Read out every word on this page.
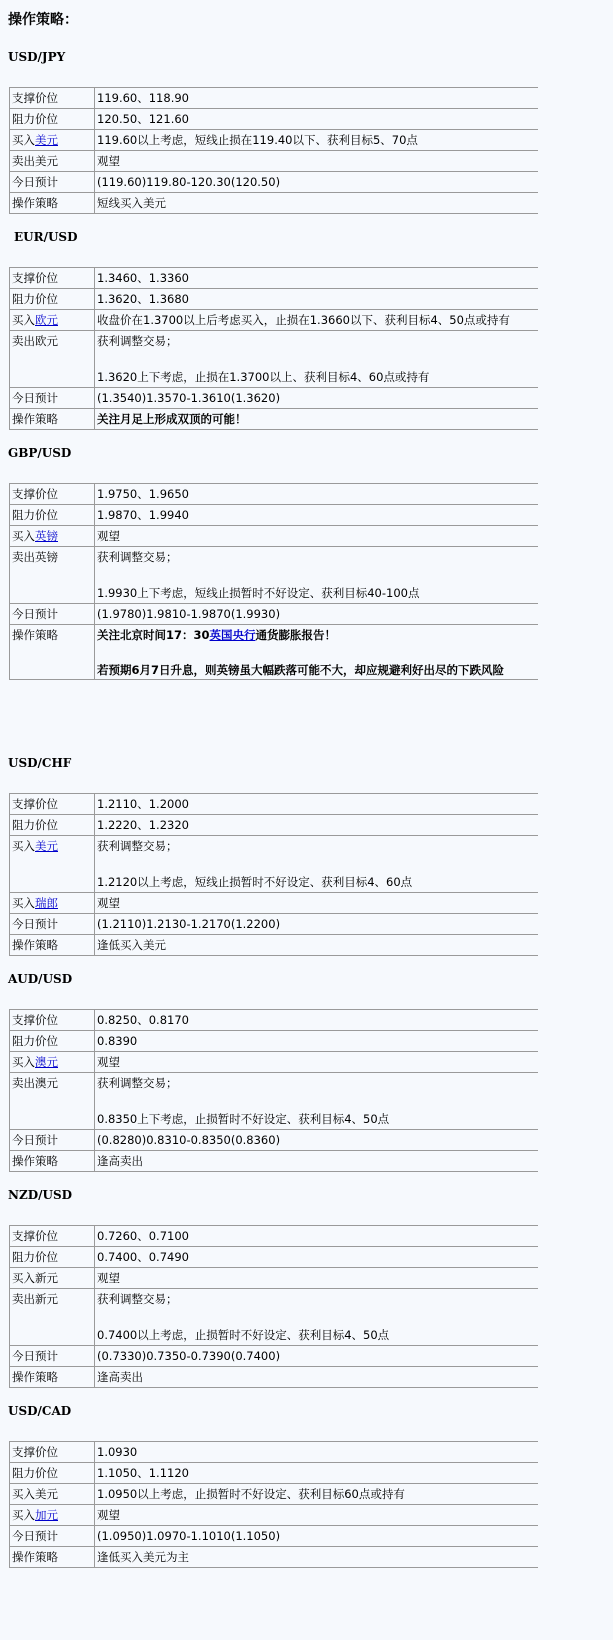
操作策略：
USD/JPY
支撑价位	119.60、118.90

阻力价位	120.50、121.60

买入美元	119.60以上考虑，短线止损在119.40以下、获利目标5、70点

卖出美元	观望

今日预计	(119.60)119.80-120.30(120.50)

操作策略	短线买入美元
EUR/USD
支撑价位	1.3460、1.3360

阻力价位	1.3620、1.3680

买入欧元	收盘价在1.3700以上后考虑买入，止损在1.3660以下、获利目标4、50点或持有

卖出欧元	获利调整交易；
1.3620上下考虑，止损在1.3700以上、获利目标4、60点或持有

今日预计	(1.3540)1.3570-1.3610(1.3620)

操作策略	关注月足上形成双顶的可能！
GBP/USD
支撑价位	1.9750、1.9650

阻力价位	1.9870、1.9940

买入英镑	观望

卖出英镑	获利调整交易；
1.9930上下考虑，短线止损暂时不好设定、获利目标40-100点

今日预计	(1.9780)1.9810-1.9870(1.9930)

操作策略	关注北京时间17：30英国央行通货膨胀报告！
若预期6月7日升息，则英镑虽大幅跌落可能不大，却应规避利好出尽的下跌风险
USD/CHF
支撑价位	1.2110、1.2000

阻力价位	1.2220、1.2320

买入美元	获利调整交易；
1.2120以上考虑，短线止损暂时不好设定、获利目标4、60点

买入瑞郎	观望

今日预计	(1.2110)1.2130-1.2170(1.2200)

操作策略	逢低买入美元
AUD/USD
支撑价位	0.8250、0.8170

阻力价位	0.8390

买入澳元	观望

卖出澳元	获利调整交易；
0.8350上下考虑，止损暂时不好设定、获利目标4、50点

今日预计	(0.8280)0.8310-0.8350(0.8360)

操作策略	逢高卖出
NZD/USD
支撑价位	0.7260、0.7100

阻力价位	0.7400、0.7490

买入新元	观望

卖出新元	获利调整交易；
0.7400以上考虑，止损暂时不好设定、获利目标4、50点

今日预计	(0.7330)0.7350-0.7390(0.7400)

操作策略	逢高卖出
USD/CAD
支撑价位	1.0930

阻力价位	1.1050、1.1120

买入美元	1.0950以上考虑，止损暂时不好设定、获利目标60点或持有

买入加元	观望

今日预计	(1.0950)1.0970-1.1010(1.1050)

操作策略	逢低买入美元为主
